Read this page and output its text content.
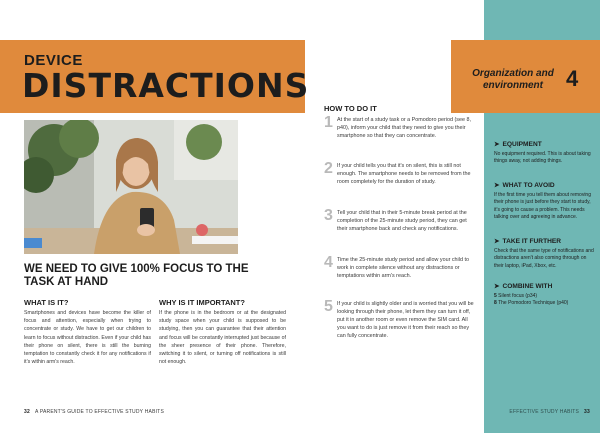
DEVICE
DISTRACTIONS	Organization and environment	4
WE NEED TO GIVE 100% FOCUS TO THE TASK AT HAND
WHAT IS IT?
Smartphones and devices have become the killer of focus and attention, especially when trying to concentrate or study. We have to get our children to learn to focus without distraction. Even if your child has their phone on silent, there is still the burning temptation to constantly check it for any notifications if it's within arm's reach.
WHY IS IT IMPORTANT?
If the phone is in the bedroom or at the designated study space when your child is supposed to be studying, then you can guarantee that their attention and focus will be constantly interrupted just because of the sheer presence of their phone. Therefore, switching it to silent, or turning off notifications is still not enough.
HOW TO DO IT
1 At the start of a study task or a Pomodoro period (see 8, p40), inform your child that they need to give you their smartphone so that they can concentrate.
2 If your child tells you that it's on silent, this is still not enough. The smartphone needs to be removed from the room completely for the duration of study.
3 Tell your child that in their 5-minute break period at the completion of the 25-minute study period, they can get their smartphone back and check any notifications.
4 Time the 25-minute study period and allow your child to work in complete silence without any distractions or temptations within arm's reach.
5 If your child is slightly older and is worried that you will be looking through their phone, let them they can turn it off, put it in another room or even remove the SIM card. All you want to do is just remove it from their reach so they can fully concentrate.
➤ EQUIPMENT
No equipment required. This is about taking things away, not adding things.
➤ WHAT TO AVOID
If the first time you tell them about removing their phone is just before they start to study, it's going to cause a problem. This needs talking over and agreeing in advance.
➤ TAKE IT FURTHER
Check that the same type of notifications and distractions aren't also coming through on their laptop, iPad, Xbox, etc.
➤ COMBINE WITH
5 Silent focus (p34)
8 The Pomodoro Technique (p40)
32 A PARENT'S GUIDE TO EFFECTIVE STUDY HABITS	EFFECTIVE STUDY HABITS 33
